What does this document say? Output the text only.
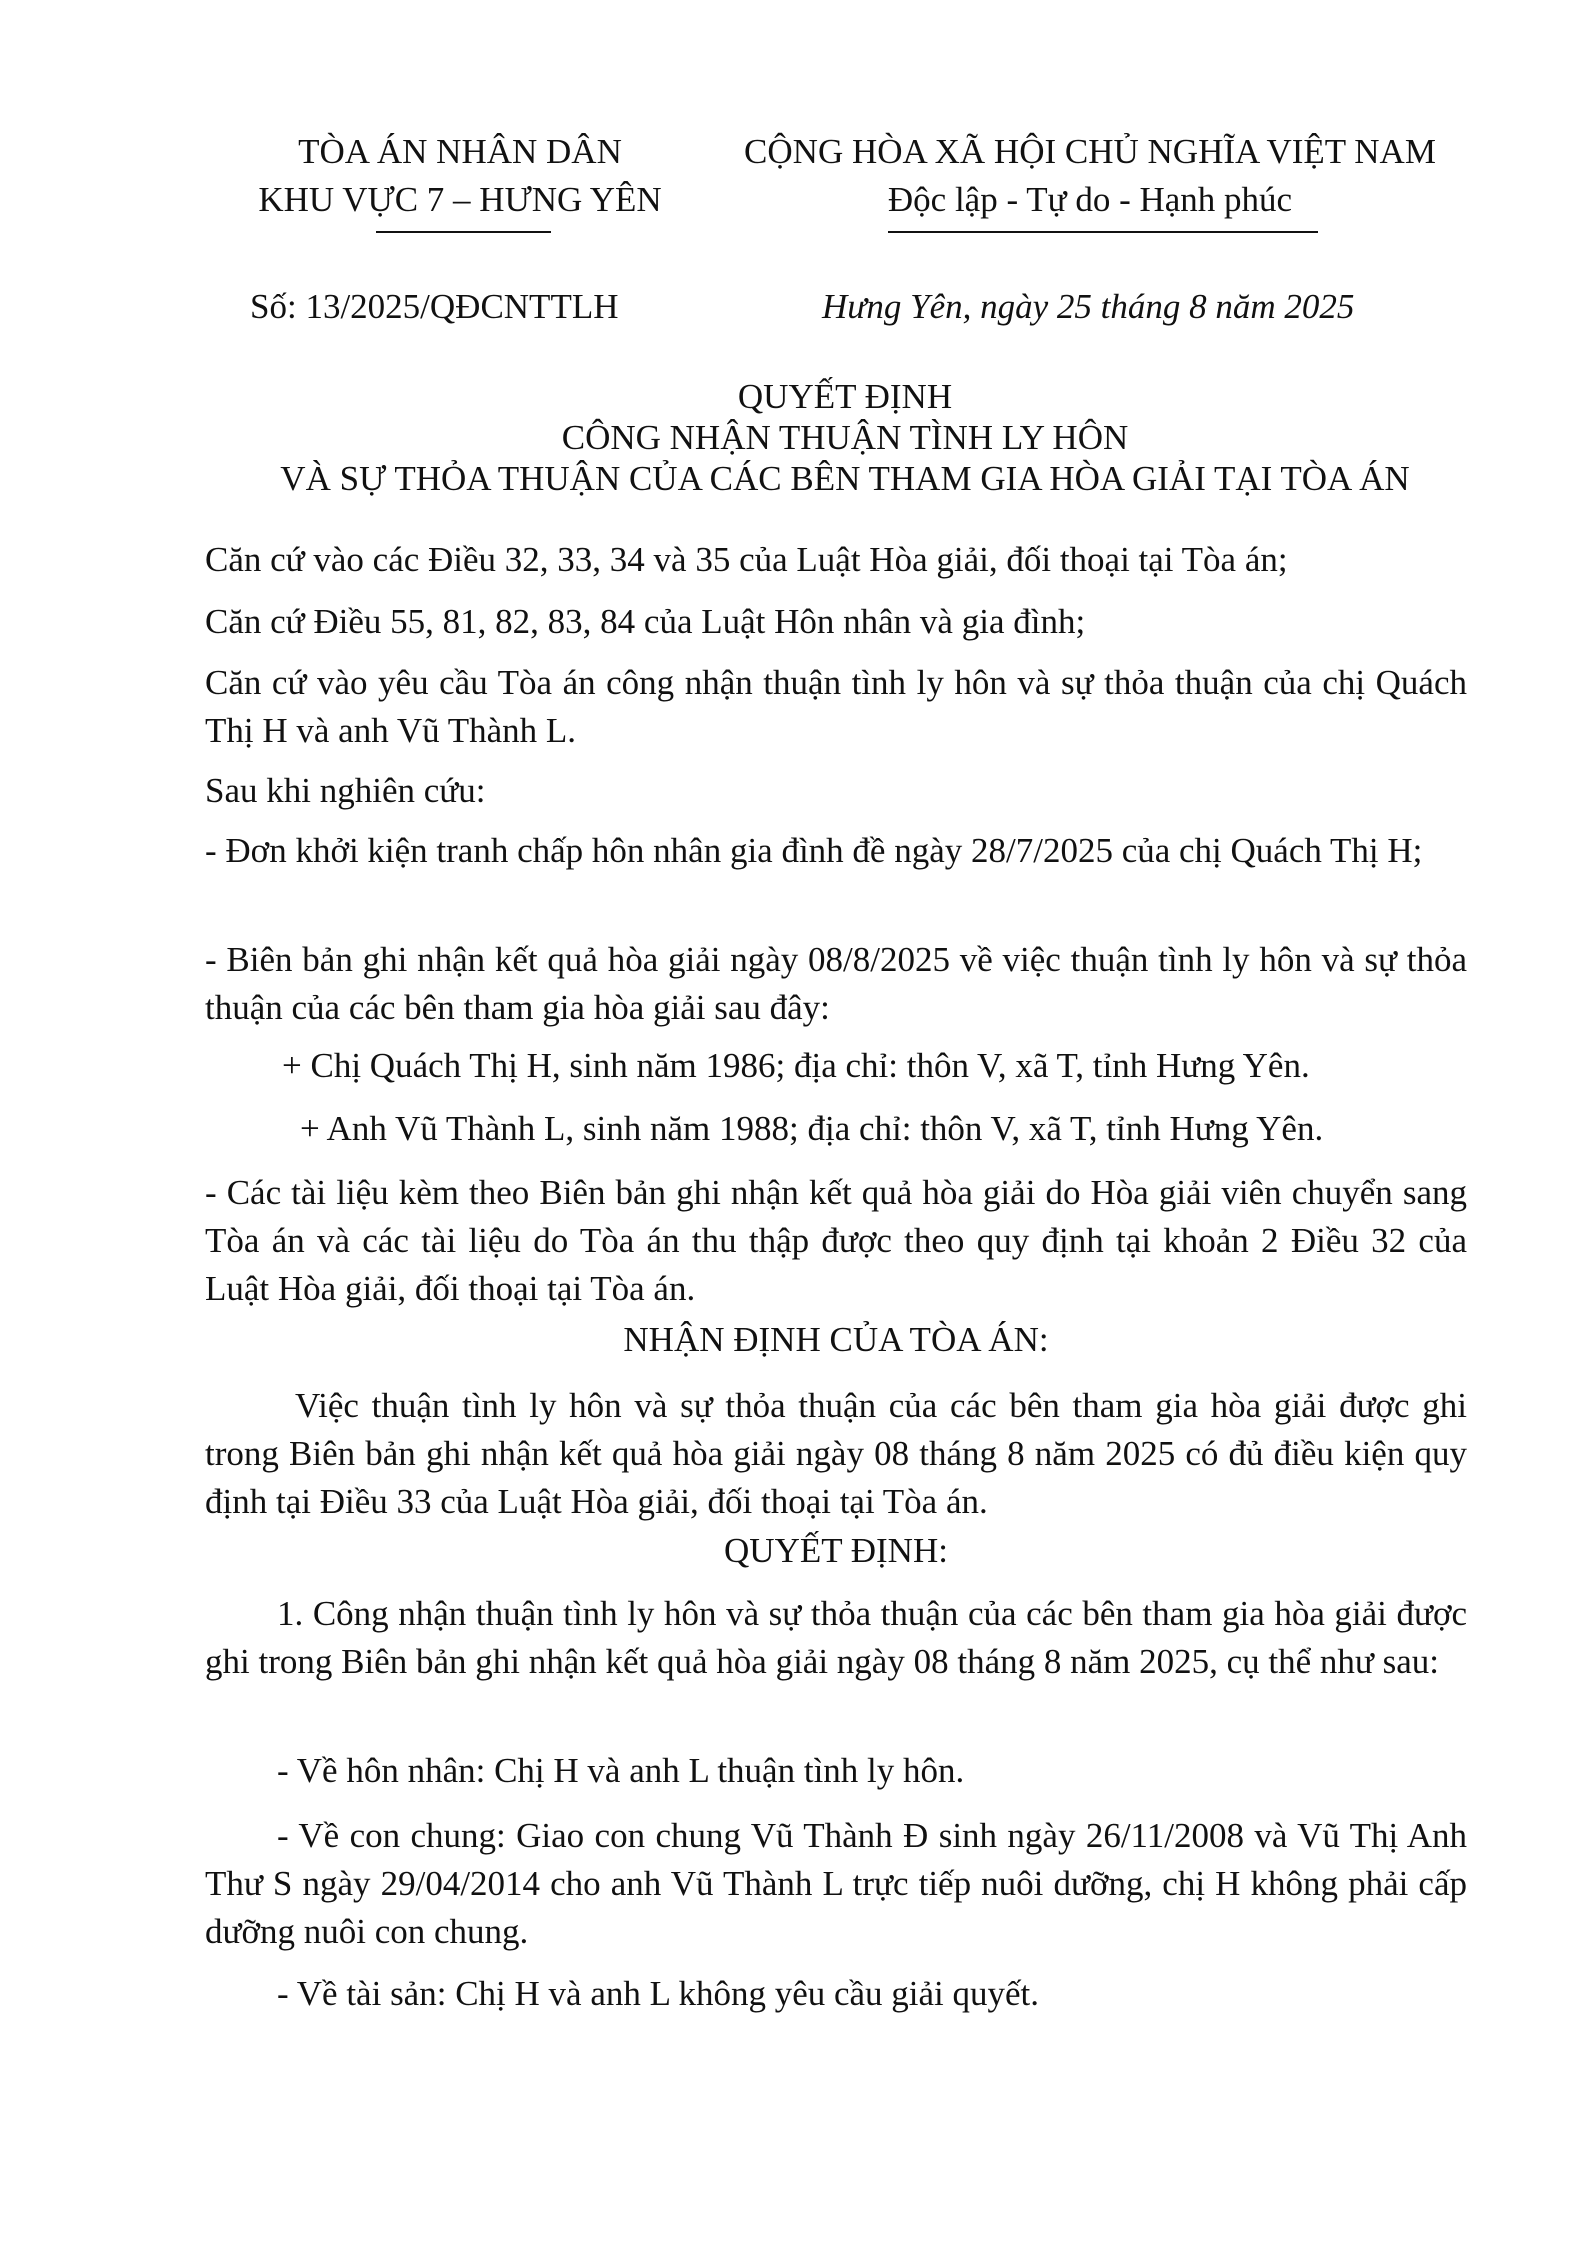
TÒA ÁN NHÂN DÂN
KHU VỰC 7 – HƯNG YÊN
CỘNG HÒA XÃ HỘI CHỦ NGHĨA VIỆT NAM
Độc lập - Tự do - Hạnh phúc
Số: 13/2025/QĐCNTTLH	Hưng Yên, ngày 25 tháng 8 năm 2025
QUYẾT ĐỊNH
CÔNG NHẬN THUẬN TÌNH LY HÔN
VÀ SỰ THỎA THUẬN CỦA CÁC BÊN THAM GIA HÒA GIẢI TẠI TÒA ÁN

Căn cứ vào các Điều 32, 33, 34 và 35 của Luật Hòa giải, đối thoại tại Tòa án;

Căn cứ Điều 55, 81, 82, 83, 84 của Luật Hôn nhân và gia đình;

Căn cứ vào yêu cầu Tòa án công nhận thuận tình ly hôn và sự thỏa thuận của chị Quách Thị H và anh Vũ Thành L.

Sau khi nghiên cứu:

- Đơn khởi kiện tranh chấp hôn nhân gia đình đề ngày 28/7/2025 của chị Quách Thị H;

- Biên bản ghi nhận kết quả hòa giải ngày 08/8/2025 về việc thuận tình ly hôn và sự thỏa thuận của các bên tham gia hòa giải sau đây:

+ Chị Quách Thị H, sinh năm 1986; địa chỉ: thôn V, xã T, tỉnh Hưng Yên.
+ Anh Vũ Thành L, sinh năm 1988; địa chỉ: thôn V, xã T, tỉnh Hưng Yên.

- Các tài liệu kèm theo Biên bản ghi nhận kết quả hòa giải do Hòa giải viên chuyển sang Tòa án và các tài liệu do Tòa án thu thập được theo quy định tại khoản 2 Điều 32 của Luật Hòa giải, đối thoại tại Tòa án.

NHẬN ĐỊNH CỦA TÒA ÁN:

Việc thuận tình ly hôn và sự thỏa thuận của các bên tham gia hòa giải được ghi trong Biên bản ghi nhận kết quả hòa giải ngày 08 tháng 8 năm 2025 có đủ điều kiện quy định tại Điều 33 của Luật Hòa giải, đối thoại tại Tòa án.

QUYẾT ĐỊNH:

1. Công nhận thuận tình ly hôn và sự thỏa thuận của các bên tham gia hòa giải được ghi trong Biên bản ghi nhận kết quả hòa giải ngày 08 tháng 8 năm 2025, cụ thể như sau:

- Về hôn nhân: Chị H và anh L thuận tình ly hôn.

- Về con chung: Giao con chung Vũ Thành Đ sinh ngày 26/11/2008 và Vũ Thị Anh Thư S ngày 29/04/2014 cho anh Vũ Thành L trực tiếp nuôi dưỡng, chị H không phải cấp dưỡng nuôi con chung.

- Về tài sản: Chị H và anh L không yêu cầu giải quyết.
